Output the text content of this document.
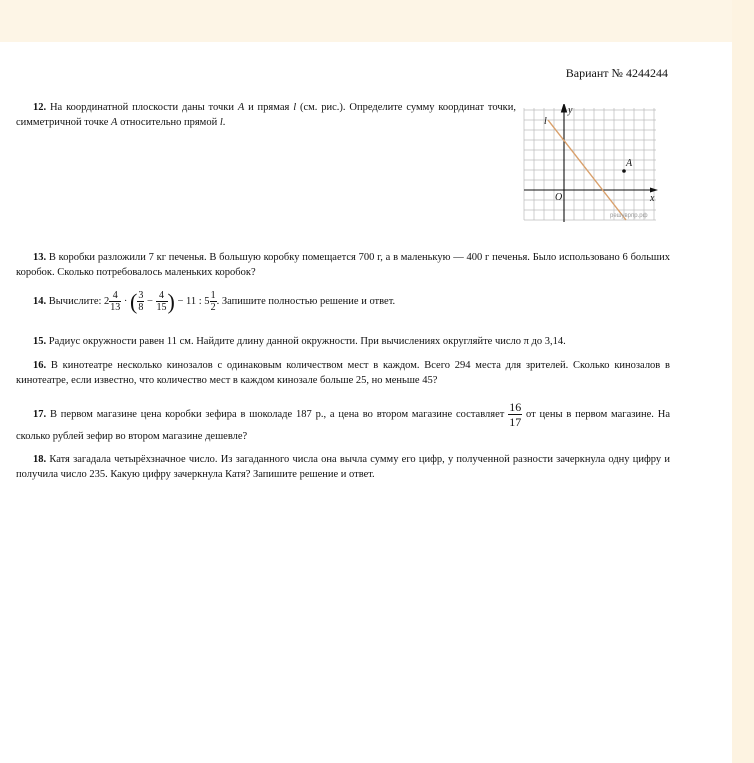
Вариант № 4244244
12. На координатной плоскости даны точки A и прямая l (см. рис.). Определите сумму координат точки, симметричной точке A относительно прямой l.
y
x
O
A
l
решуврпр.рф
13. В коробки разложили 7 кг печенья. В большую коробку помещается 700 г, а в маленькую — 400 г печенья. Было использовано 6 больших коробок. Сколько потребовалось маленьких коробок?
14. Вычислите: $2 \frac{4}{13}$ · ( $\frac{3}{8} - \frac{4}{15}$ ) − 11 : $5 \frac{1}{2}$ . Запишите полностью решение и ответ.
15. Радиус окружности равен 11 см. Найдите длину данной окружности. При вычислениях округляйте число π до 3,14.
16. В кинотеатре несколько кинозалов с одинаковым количеством мест в каждом. Всего 294 места для зрителей. Сколько кинозалов в кинотеатре, если известно, что количество мест в каждом кинозале больше 25, но меньше 45?
17. В первом магазине цена коробки зефира в шоколаде 187 р., а цена во втором магазине составляет $\frac{16}{17}$ от цены в первом магазине. На сколько рублей зефир во втором магазине дешевле?
18. Катя загадала четырёхзначное число. Из загаданного числа она вычла сумму его цифр, у полученной разности зачеркнула одну цифру и получила число 235. Какую цифру зачеркнула Катя? Запишите решение и ответ.
